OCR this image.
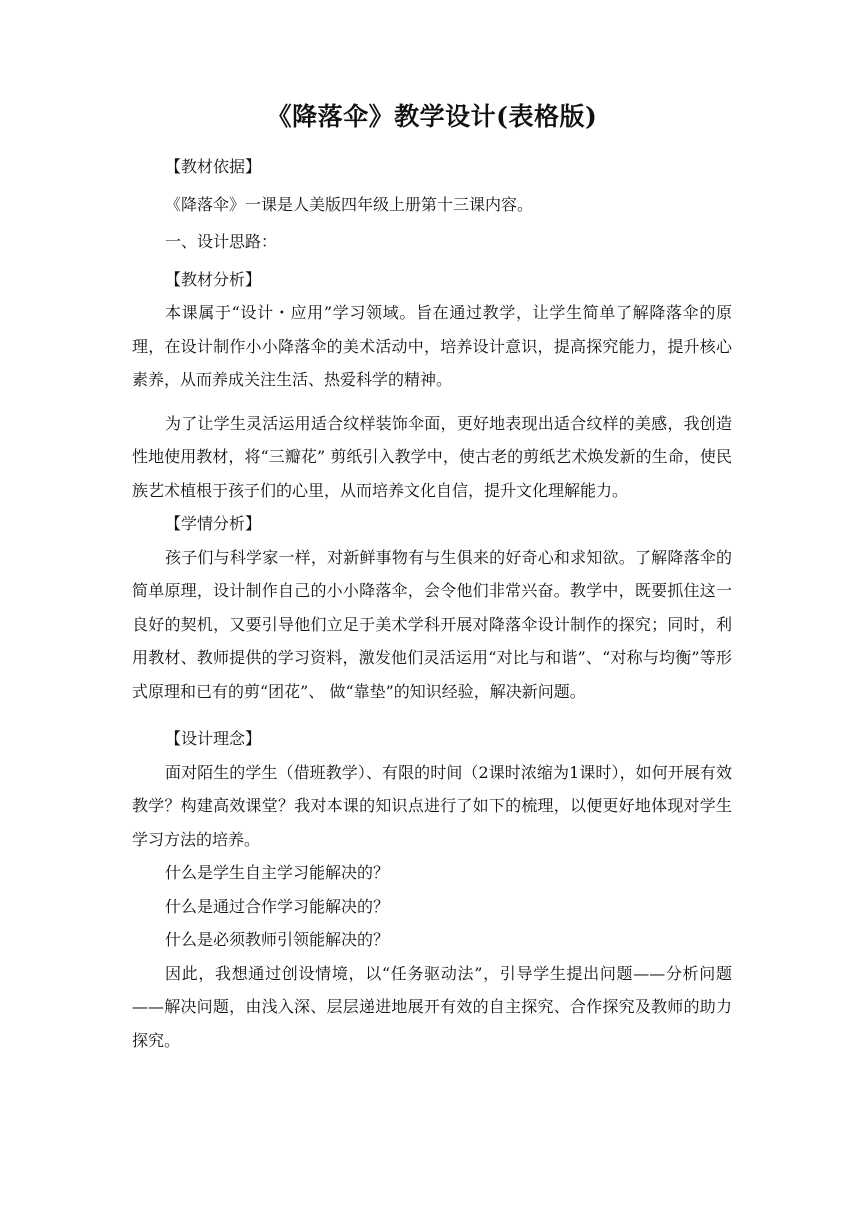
《降落伞》教学设计(表格版)

【教材依据】

《降落伞》一课是人美版四年级上册第十三课内容。

一、设计思路：

【教材分析】

本课属于“设计・应用”学习领域。旨在通过教学，让学生简单了解降落伞的原理，在设计制作小小降落伞的美术活动中，培养设计意识，提高探究能力，提升核心素养，从而养成关注生活、热爱科学的精神。

为了让学生灵活运用适合纹样装饰伞面，更好地表现出适合纹样的美感，我创造性地使用教材，将“三瓣花” 剪纸引入教学中，使古老的剪纸艺术焕发新的生命，使民族艺术植根于孩子们的心里，从而培养文化自信，提升文化理解能力。

【学情分析】

孩子们与科学家一样，对新鲜事物有与生俱来的好奇心和求知欲。了解降落伞的简单原理，设计制作自己的小小降落伞，会令他们非常兴奋。教学中，既要抓住这一良好的契机，又要引导他们立足于美术学科开展对降落伞设计制作的探究；同时，利用教材、教师提供的学习资料，激发他们灵活运用“对比与和谐”、“对称与均衡”等形式原理和已有的剪“团花”、 做“靠垫”的知识经验，解决新问题。

【设计理念】

面对陌生的学生（借班教学）、有限的时间（2课时浓缩为1课时），如何开展有效教学？构建高效课堂？我对本课的知识点进行了如下的梳理，以便更好地体现对学生学习方法的培养。

什么是学生自主学习能解决的？

什么是通过合作学习能解决的？

什么是必须教师引领能解决的？

因此，我想通过创设情境，以“任务驱动法”，引导学生提出问题——分析问题——解决问题，由浅入深、层层递进地展开有效的自主探究、合作探究及教师的助力探究。
